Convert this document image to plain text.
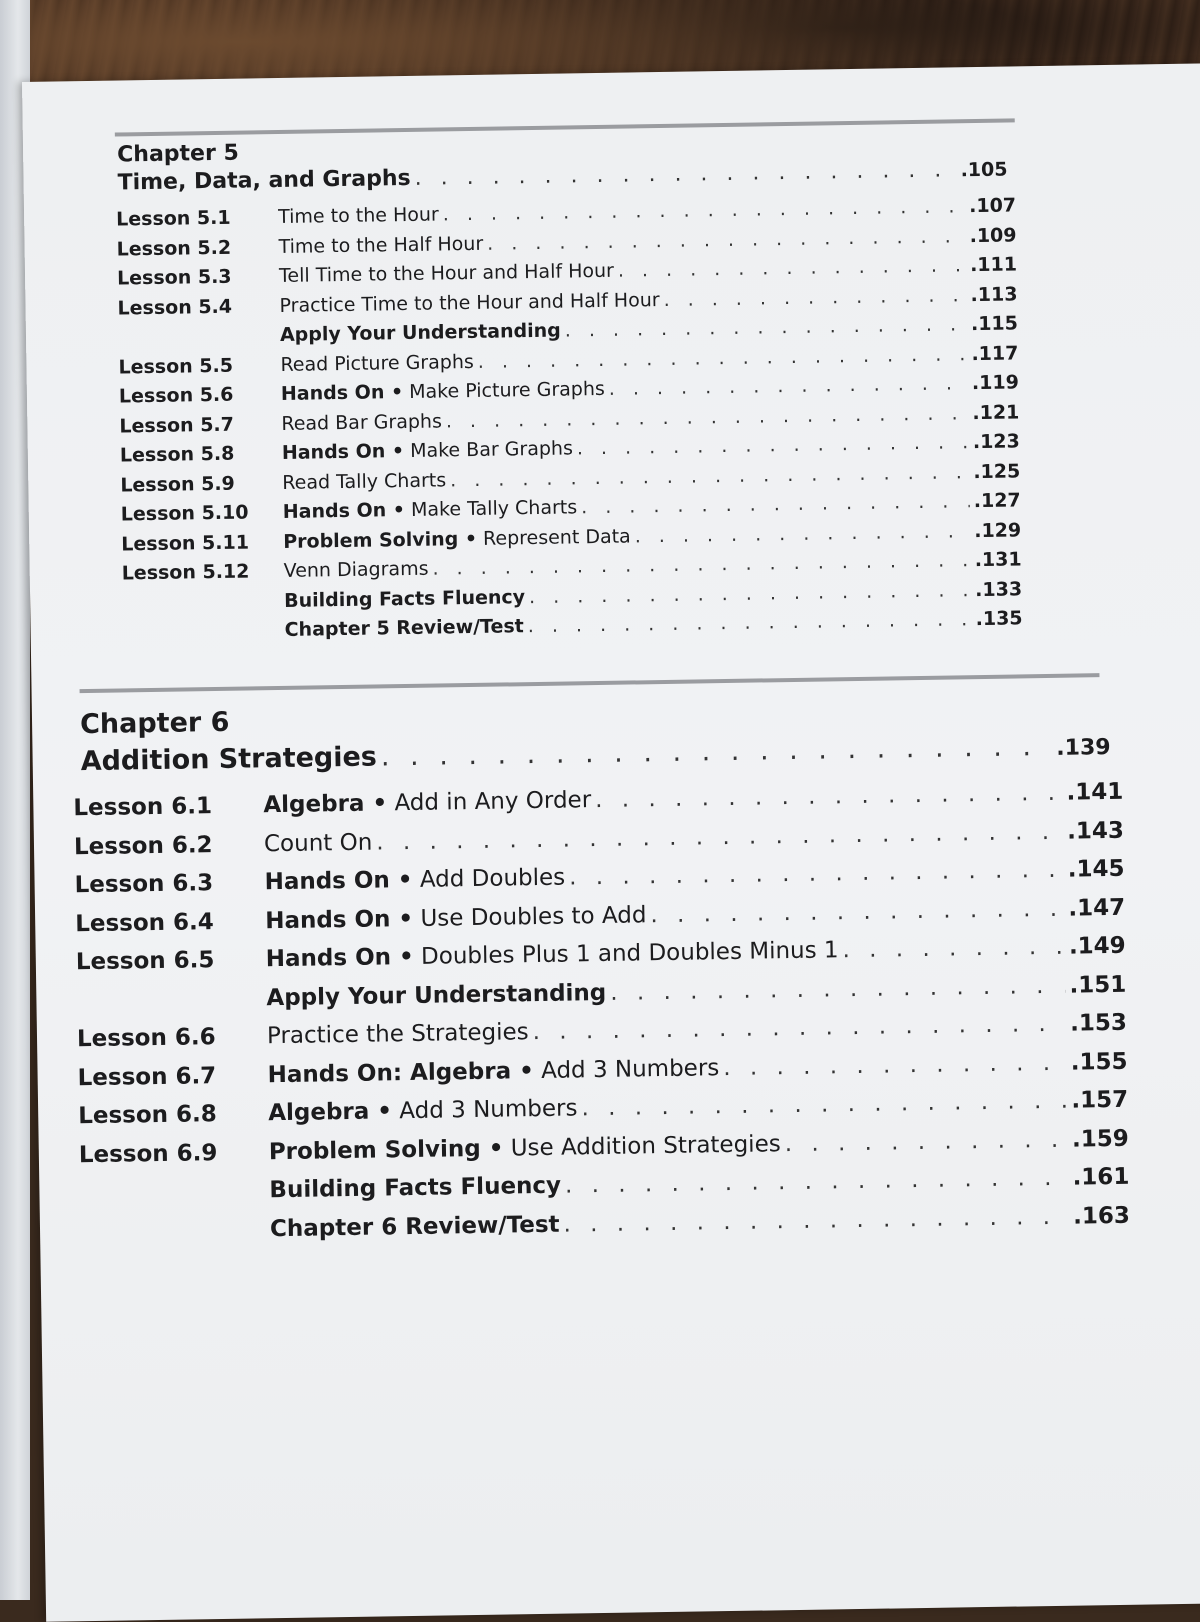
Chapter 5
Time, Data, and Graphs . . .	.105
Lesson 5.1	Time to the Hour . . .	.107
Lesson 5.2	Time to the Half Hour . . .	.109
Lesson 5.3	Tell Time to the Hour and Half Hour . . .	.111
Lesson 5.4	Practice Time to the Hour and Half Hour . . .	.113
Apply Your Understanding . . .	.115
Lesson 5.5	Read Picture Graphs . . .	.117
Lesson 5.6	Hands On • Make Picture Graphs . . .	.119
Lesson 5.7	Read Bar Graphs . . .	.121
Lesson 5.8	Hands On • Make Bar Graphs . . .	.123
Lesson 5.9	Read Tally Charts . . .	.125
Lesson 5.10	Hands On • Make Tally Charts . . .	.127
Lesson 5.11	Problem Solving • Represent Data . . .	.129
Lesson 5.12	Venn Diagrams . . .	.131
Building Facts Fluency . . .	.133
Chapter 5 Review/Test . . .	.135
Chapter 6
Addition Strategies . . .	.139
Lesson 6.1	Algebra • Add in Any Order . . .	.141
Lesson 6.2	Count On . . .	.143
Lesson 6.3	Hands On • Add Doubles . . .	.145
Lesson 6.4	Hands On • Use Doubles to Add . . .	.147
Lesson 6.5	Hands On • Doubles Plus 1 and Doubles Minus 1 . . .	.149
Apply Your Understanding . . .	.151
Lesson 6.6	Practice the Strategies . . .	.153
Lesson 6.7	Hands On: Algebra • Add 3 Numbers . . .	.155
Lesson 6.8	Algebra • Add 3 Numbers . . .	.157
Lesson 6.9	Problem Solving • Use Addition Strategies . . .	.159
Building Facts Fluency . . .	.161
Chapter 6 Review/Test . . .	.163
